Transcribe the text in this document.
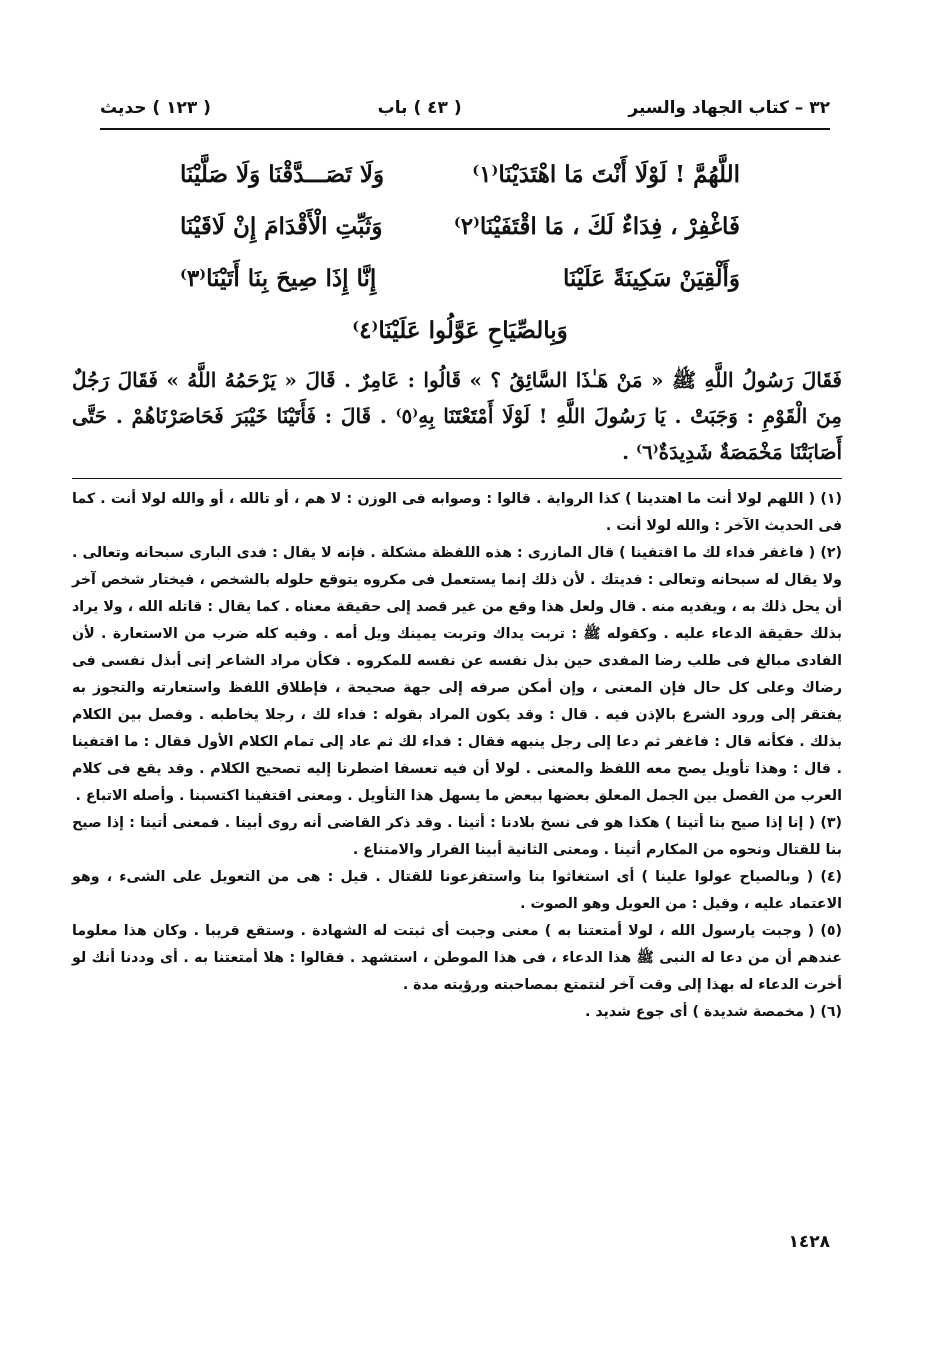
٣٢ – كتاب الجهاد والسير
( ٤٣ ) باب
( ١٢٣ ) حديث
اللَّهُمَّ ! لَوْلَا أَنْتَ مَا اهْتَدَيْنَا⁽١⁾
وَلَا تَصَـــدَّقْنَا وَلَا صَلَّيْنَا
فَاغْفِرْ ، فِدَاءٌ لَكَ ، مَا اقْتَفَيْنَا⁽٢⁾
وَثَبِّتِ الْأَقْدَامَ إِنْ لَاقَيْنَا
وَأَلْقِيَنْ سَكِينَةً عَلَيْنَا
إِنَّا إِذَا صِيحَ بِنَا أَتَيْنَا⁽٣⁾
وَبِالصِّيَاحِ عَوَّلُوا عَلَيْنَا⁽٤⁾

فَقَالَ رَسُولُ اللَّهِ ﷺ « مَنْ هَـٰذَا السَّائِقُ ؟ » قَالُوا : عَامِرٌ . قَالَ « يَرْحَمُهُ اللَّهُ » فَقَالَ رَجُلٌ مِنَ الْقَوْمِ : وَجَبَتْ . يَا رَسُولَ اللَّهِ ! لَوْلَا أَمْتَعْتَنَا بِهِ⁽٥⁾ . قَالَ : فَأَتَيْنَا خَيْبَرَ فَحَاصَرْنَاهُمْ . حَتَّى أَصَابَتْنَا مَخْمَصَةٌ شَدِيدَةٌ⁽٦⁾ .

(١) ( اللهم لولا أنت ما اهتدينا ) كذا الرواية . قالوا : وصوابه فى الوزن : لا هم ، أو تالله ، أو والله لولا أنت . كما فى الحديث الآخر : والله لولا أنت .

(٢) ( فاغفر فداء لك ما اقتفينا ) قال المازرى : هذه اللفظة مشكلة . فإنه لا يقال : فدى البارى سبحانه وتعالى . ولا يقال له سبحانه وتعالى : فديتك . لأن ذلك إنما يستعمل فى مكروه يتوقع حلوله بالشخص ، فيختار شخص آخر أن يحل ذلك به ، ويفديه منه . قال ولعل هذا وقع من غير قصد إلى حقيقة معناه . كما يقال : قاتله الله ، ولا يراد بذلك حقيقة الدعاء عليه . وكقوله ﷺ : تربت يداك وتربت يمينك ويل أمه . وفيه كله ضرب من الاستعارة . لأن الفادى مبالغ فى طلب رضا المفدى حين بذل نفسه عن نفسه للمكروه . فكأن مراد الشاعر إنى أبذل نفسى فى رضاك وعلى كل حال فإن المعنى ، وإن أمكن صرفه إلى جهة صحيحة ، فإطلاق اللفظ واستعارته والتجوز به يفتقر إلى ورود الشرع بالإذن فيه . قال : وقد يكون المراد بقوله : فداء لك ، رجلا يخاطبه . وفصل بين الكلام بذلك . فكأنه قال : فاغفر ثم دعا إلى رجل ينبهه فقال : فداء لك ثم عاد إلى تمام الكلام الأول فقال : ما اقتفينا . قال : وهذا تأويل يصح معه اللفظ والمعنى . لولا أن فيه تعسفا اضطرنا إليه تصحيح الكلام . وقد يقع فى كلام العرب من الفصل بين الجمل المعلق بعضها ببعض ما يسهل هذا التأويل . ومعنى اقتفينا اكتسبنا . وأصله الاتباع .

(٣) ( إنا إذا صيح بنا أتينا ) هكذا هو فى نسخ بلادنا : أتينا . وقد ذكر القاضى أنه روى أبينا . فمعنى أتينا : إذا صيح بنا للقتال ونحوه من المكارم أتينا . ومعنى الثانية أبينا الفرار والامتناع .

(٤) ( وبالصياح عولوا علينا ) أى استغاثوا بنا واستفزعونا للقتال . قيل : هى من التعويل على الشىء ، وهو الاعتماد عليه ، وقيل : من العويل وهو الصوت .

(٥) ( وجبت يارسول الله ، لولا أمتعتنا به ) معنى وجبت أى ثبتت له الشهادة . وستقع قريبا . وكان هذا معلوما عندهم أن من دعا له النبى ﷺ هذا الدعاء ، فى هذا الموطن ، استشهد . فقالوا : هلا أمتعتنا به . أى وددنا أنك لو أخرت الدعاء له بهذا إلى وقت آخر لنتمتع بمصاحبته ورؤيته مدة .

(٦) ( مخمصة شديدة ) أى جوع شديد .

١٤٢٨
